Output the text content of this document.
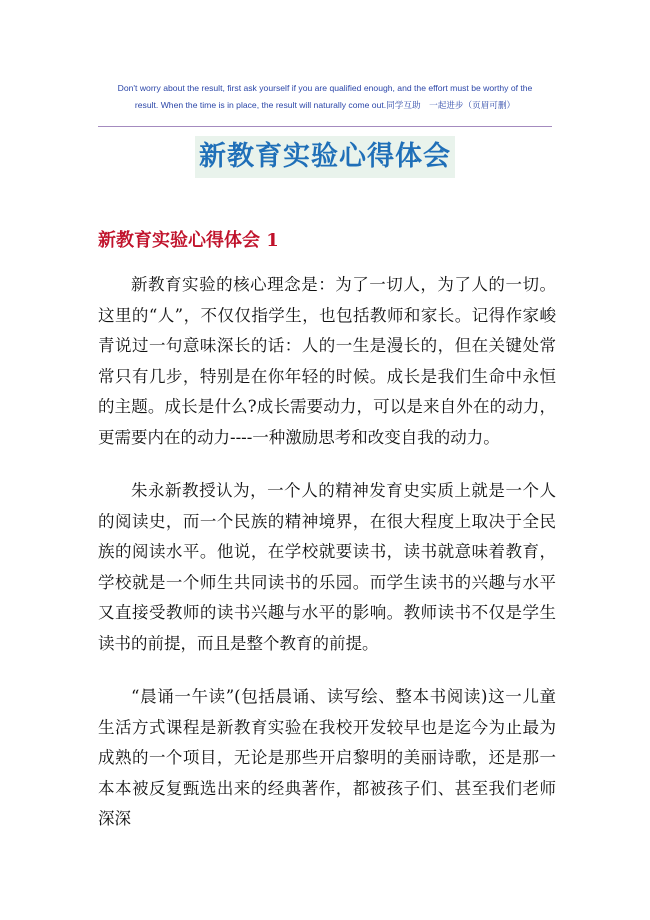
Don't worry about the result, first ask yourself if you are qualified enough, and the effort must be worthy of the
result. When the time is in place, the result will naturally come out.同学互助　一起进步（页眉可删）
新教育实验心得体会
新教育实验心得体会 1

新教育实验的核心理念是：为了一切人，为了人的一切。这里的“人”，不仅仅指学生，也包括教师和家长。记得作家峻青说过一句意味深长的话：人的一生是漫长的，但在关键处常常只有几步，特别是在你年轻的时候。成长是我们生命中永恒的主题。成长是什么?成长需要动力，可以是来自外在的动力，更需要内在的动力----一种激励思考和改变自我的动力。

朱永新教授认为，一个人的精神发育史实质上就是一个人的阅读史，而一个民族的精神境界，在很大程度上取决于全民族的阅读水平。他说，在学校就要读书，读书就意味着教育，学校就是一个师生共同读书的乐园。而学生读书的兴趣与水平又直接受教师的读书兴趣与水平的影响。教师读书不仅是学生读书的前提，而且是整个教育的前提。

“晨诵一午读”(包括晨诵、读写绘、整本书阅读)这一儿童生活方式课程是新教育实验在我校开发较早也是迄今为止最为成熟的一个项目，无论是那些开启黎明的美丽诗歌，还是那一本本被反复甄选出来的经典著作，都被孩子们、甚至我们老师深深
